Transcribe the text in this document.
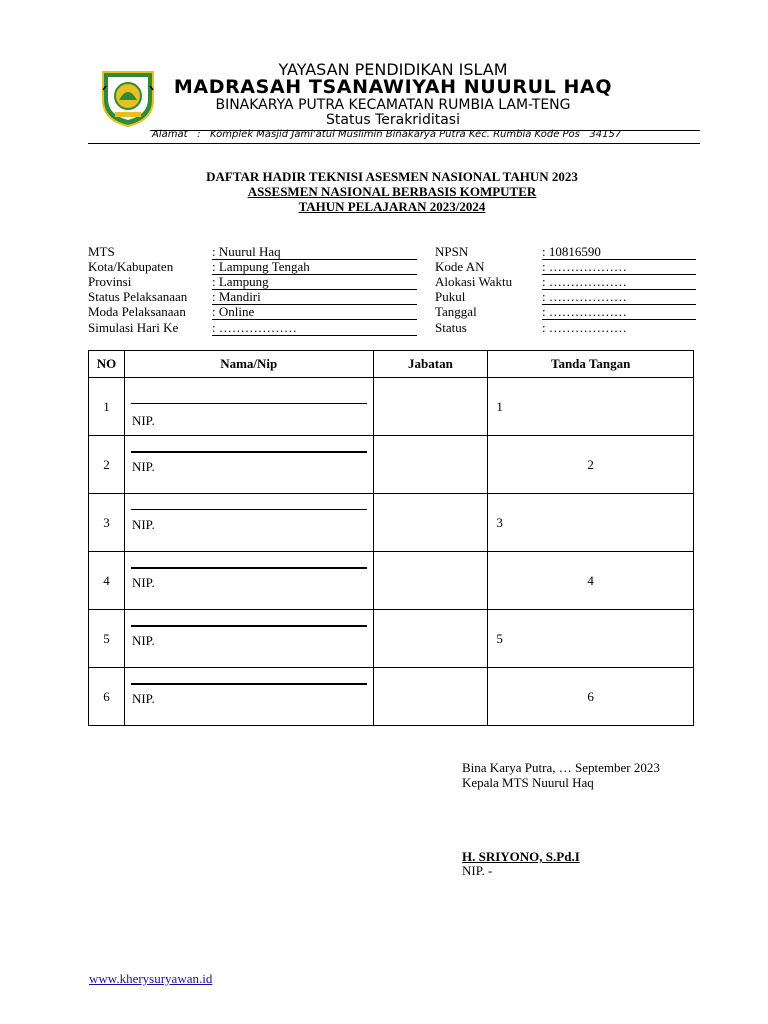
YAYASAN PENDIDIKAN ISLAM
MADRASAH TSANAWIYAH NUURUL HAQ
BINAKARYA PUTRA KECAMATAN RUMBIA LAM-TENG
Status Terakriditasi
Alamat   :   Komplek Masjid Jami'atul Muslimin Binakarya Putra Kec. Rumbia Kode Pos   34157
DAFTAR HADIR TEKNISI ASESMEN NASIONAL TAHUN 2023
ASSESMEN NASIONAL BERBASIS KOMPUTER
TAHUN PELAJARAN 2023/2024
MTS	: Nuurul Haq
Kota/Kabupaten	: Lampung Tengah
Provinsi	: Lampung
Status Pelaksanaan : Mandiri
Moda Pelaksanaan : Online
Simulasi Hari Ke	: ………………
NPSN	: 10816590
Kode AN	: ………………
Alokasi Waktu : ………………
Pukul	: ………………
Tanggal	: ………………
Status	: ………………
NO	Nama/Nip	Jabatan	Tanda Tangan
1	NIP.		1

2	NIP.		2

3	NIP.		3

4	NIP.		4

5	NIP.		5

6	NIP.		6
Bina Karya Putra, … September 2023
Kepala MTS Nuurul Haq
H. SRIYONO, S.Pd.I
NIP. -
www.kherysuryawan.id
